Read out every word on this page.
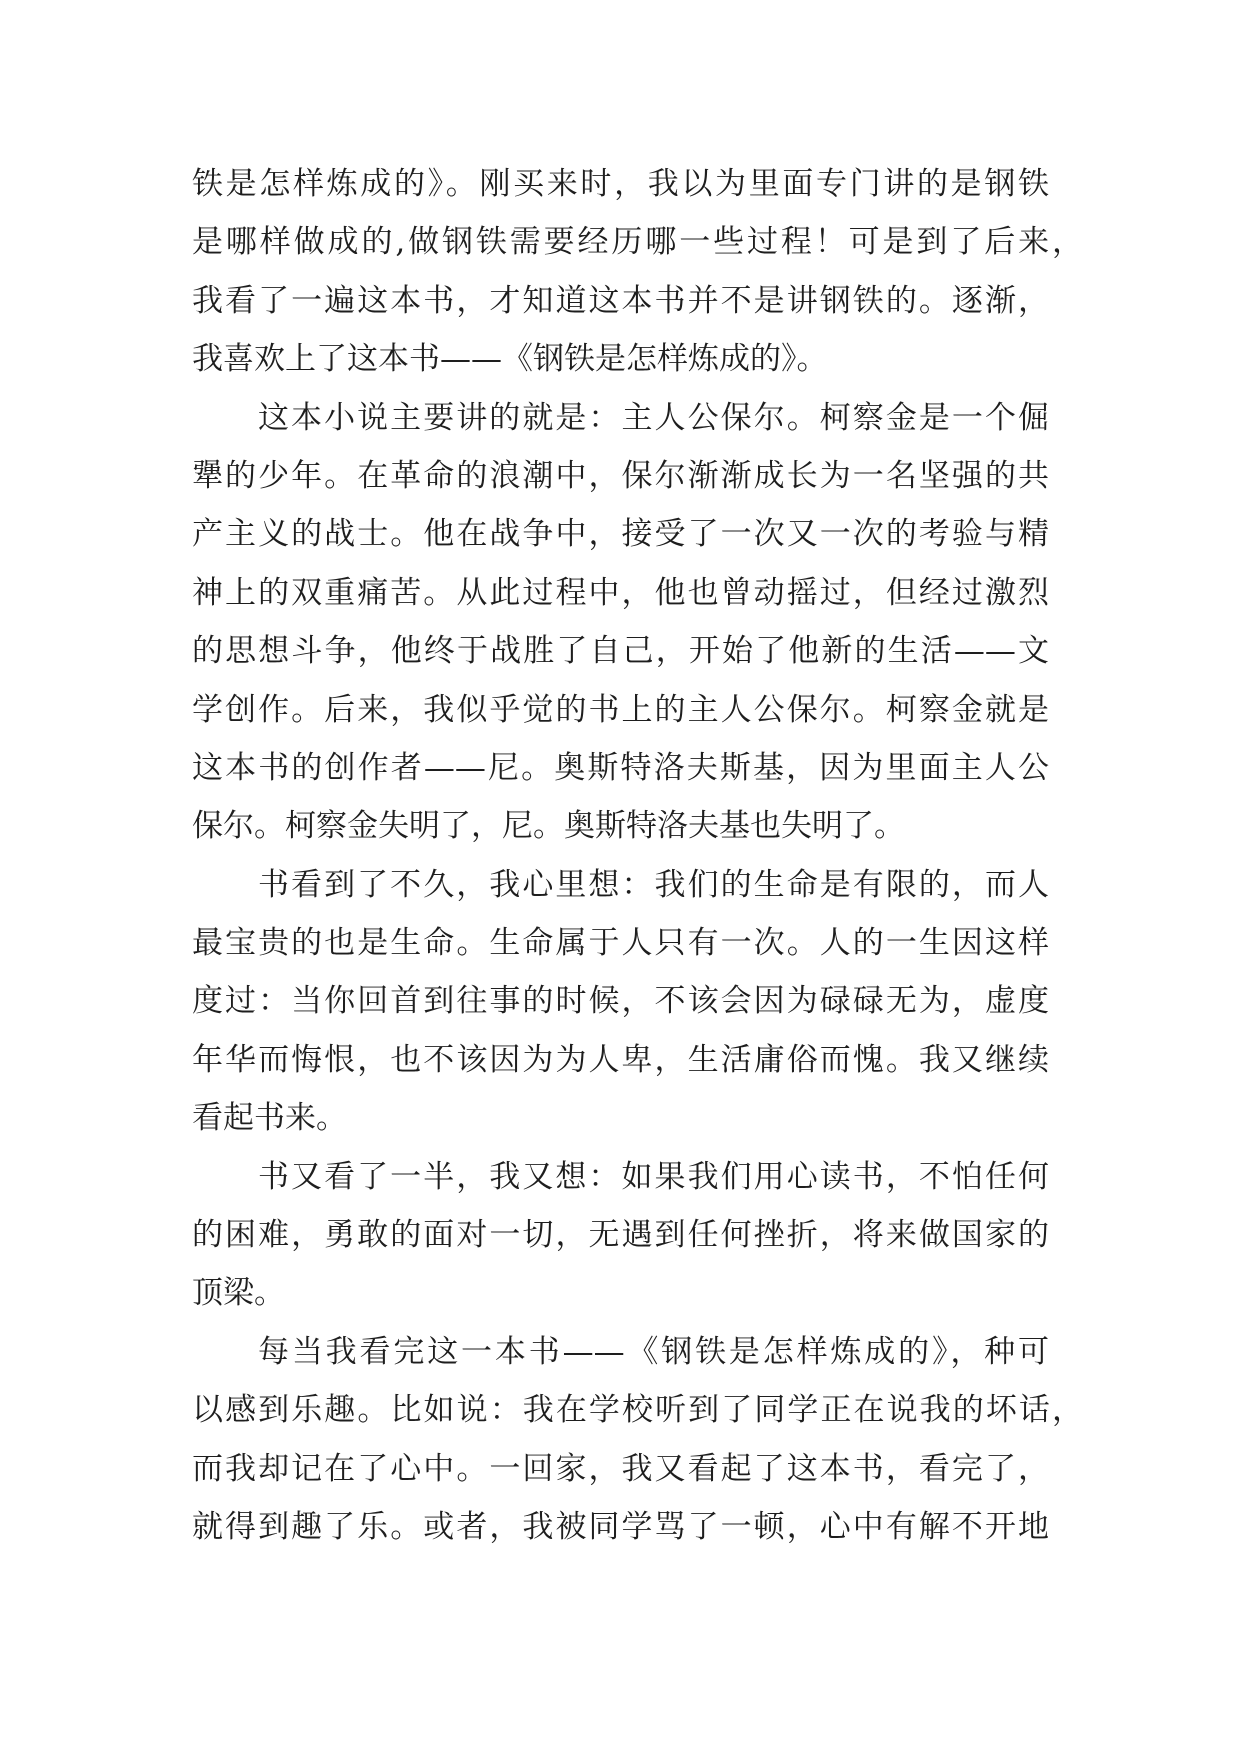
铁是怎样炼成的》。刚买来时，我以为里面专门讲的是钢铁
是哪样做成的,做钢铁需要经历哪一些过程！可是到了后来，
我看了一遍这本书，才知道这本书并不是讲钢铁的。逐渐，
我喜欢上了这本书——《钢铁是怎样炼成的》。
这本小说主要讲的就是：主人公保尔。柯察金是一个倔
犟的少年。在革命的浪潮中，保尔渐渐成长为一名坚强的共
产主义的战士。他在战争中，接受了一次又一次的考验与精
神上的双重痛苦。从此过程中，他也曾动摇过，但经过激烈
的思想斗争，他终于战胜了自己，开始了他新的生活——文
学创作。后来，我似乎觉的书上的主人公保尔。柯察金就是
这本书的创作者——尼。奥斯特洛夫斯基，因为里面主人公
保尔。柯察金失明了，尼。奥斯特洛夫基也失明了。
书看到了不久，我心里想：我们的生命是有限的，而人
最宝贵的也是生命。生命属于人只有一次。人的一生因这样
度过：当你回首到往事的时候，不该会因为碌碌无为，虚度
年华而悔恨，也不该因为为人卑，生活庸俗而愧。我又继续
看起书来。
书又看了一半，我又想：如果我们用心读书，不怕任何
的困难，勇敢的面对一切，无遇到任何挫折，将来做国家的
顶梁。
每当我看完这一本书——《钢铁是怎样炼成的》，种可
以感到乐趣。比如说：我在学校听到了同学正在说我的坏话，
而我却记在了心中。一回家，我又看起了这本书，看完了，
就得到趣了乐。或者，我被同学骂了一顿，心中有解不开地
